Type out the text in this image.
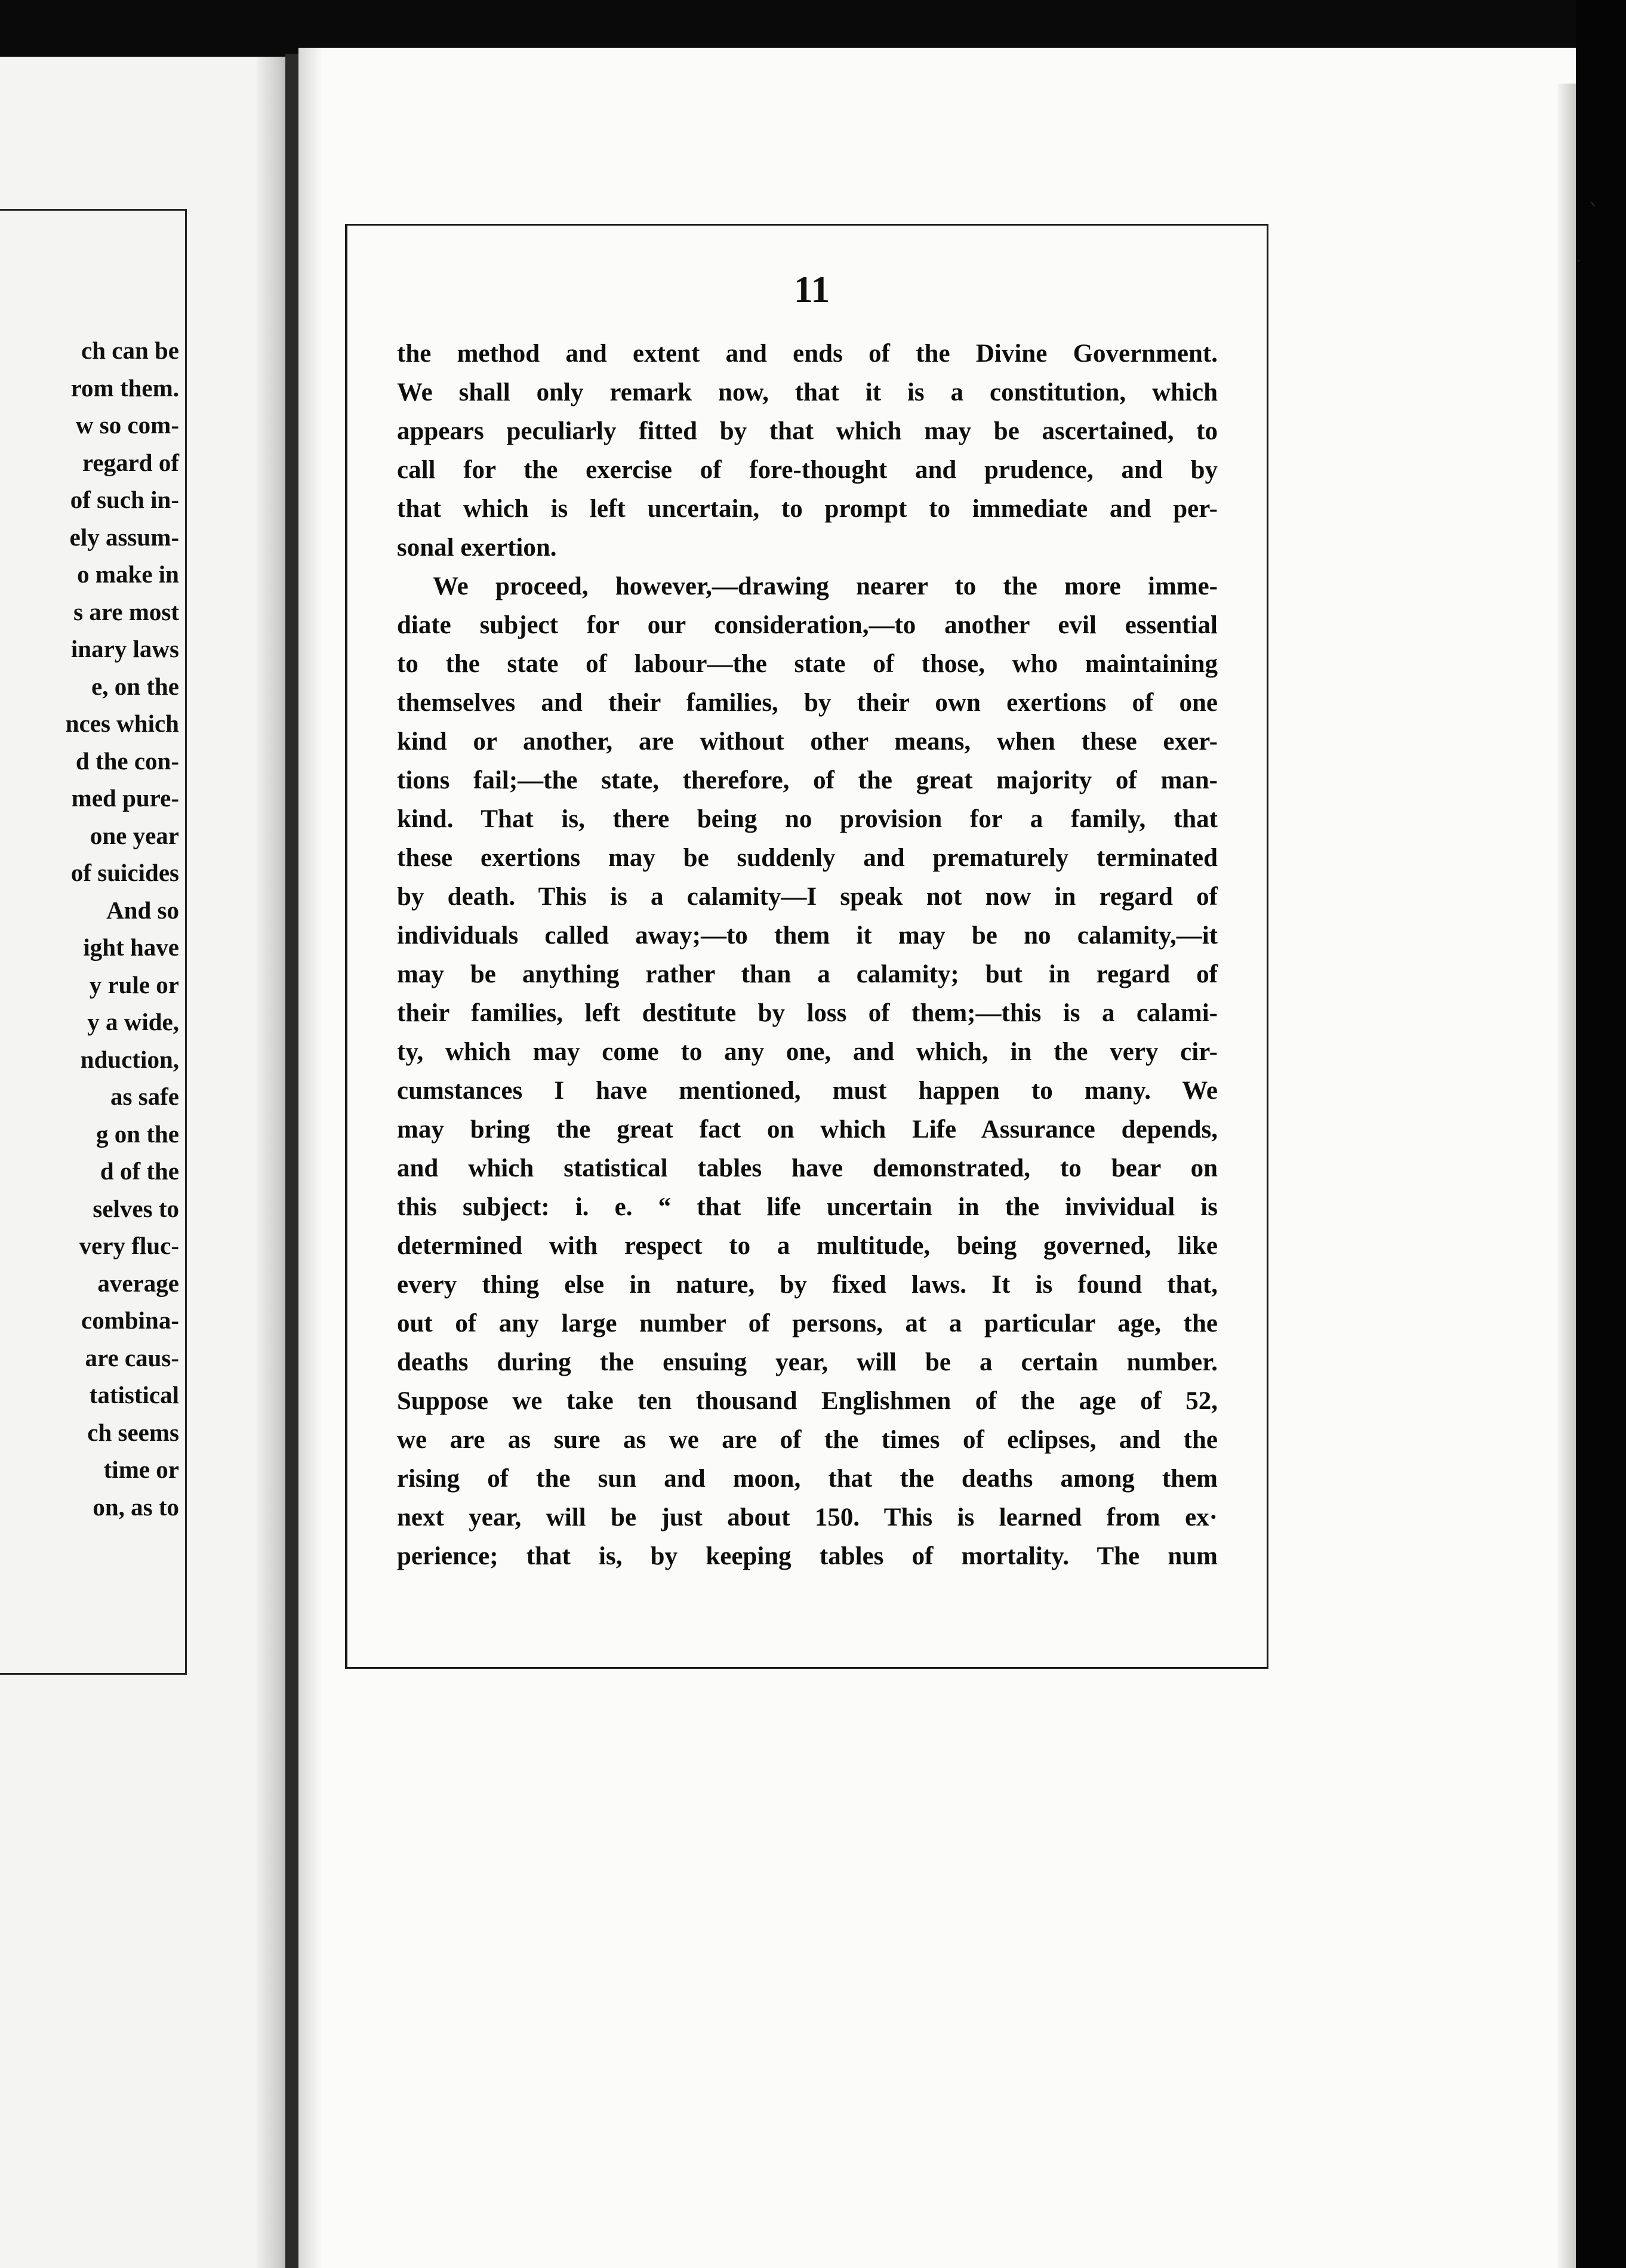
ch can be
rom them.
w so com-
regard of
of such in-
ely assum-
o make in
s are most
inary laws
e, on the
nces which
d the con-
med pure-
one year
of suicides
And so
ight have
y rule or
y a wide,
nduction,
as safe
g on the
d of the
selves to
very fluc-
average
combina-
are caus-
tatistical
ch seems
time or
on, as to
11
the method and extent and ends of the Divine Government.
We shall only remark now, that it is a constitution, which
appears peculiarly fitted by that which may be ascertained, to
call for the exercise of fore-thought and prudence, and by
that which is left uncertain, to prompt to immediate and per-
sonal exertion.
We proceed, however,—drawing nearer to the more imme-
diate subject for our consideration,—to another evil essential
to the state of labour—the state of those, who maintaining
themselves and their families, by their own exertions of one
kind or another, are without other means, when these exer-
tions fail;—the state, therefore, of the great majority of man-
kind. That is, there being no provision for a family, that
these exertions may be suddenly and prematurely terminated
by death. This is a calamity—I speak not now in regard of
individuals called away;—to them it may be no calamity,—it
may be anything rather than a calamity; but in regard of
their families, left destitute by loss of them;—this is a calami-
ty, which may come to any one, and which, in the very cir-
cumstances I have mentioned, must happen to many. We
may bring the great fact on which Life Assurance depends,
and which statistical tables have demonstrated, to bear on
this subject: i. e. “ that life uncertain in the invividual is
determined with respect to a multitude, being governed, like
every thing else in nature, by fixed laws. It is found that,
out of any large number of persons, at a particular age, the
deaths during the ensuing year, will be a certain number.
Suppose we take ten thousand Englishmen of the age of 52,
we are as sure as we are of the times of eclipses, and the
rising of the sun and moon, that the deaths among them
next year, will be just about 150. This is learned from ex·
perience; that is, by keeping tables of mortality. The num
ˎ
·
